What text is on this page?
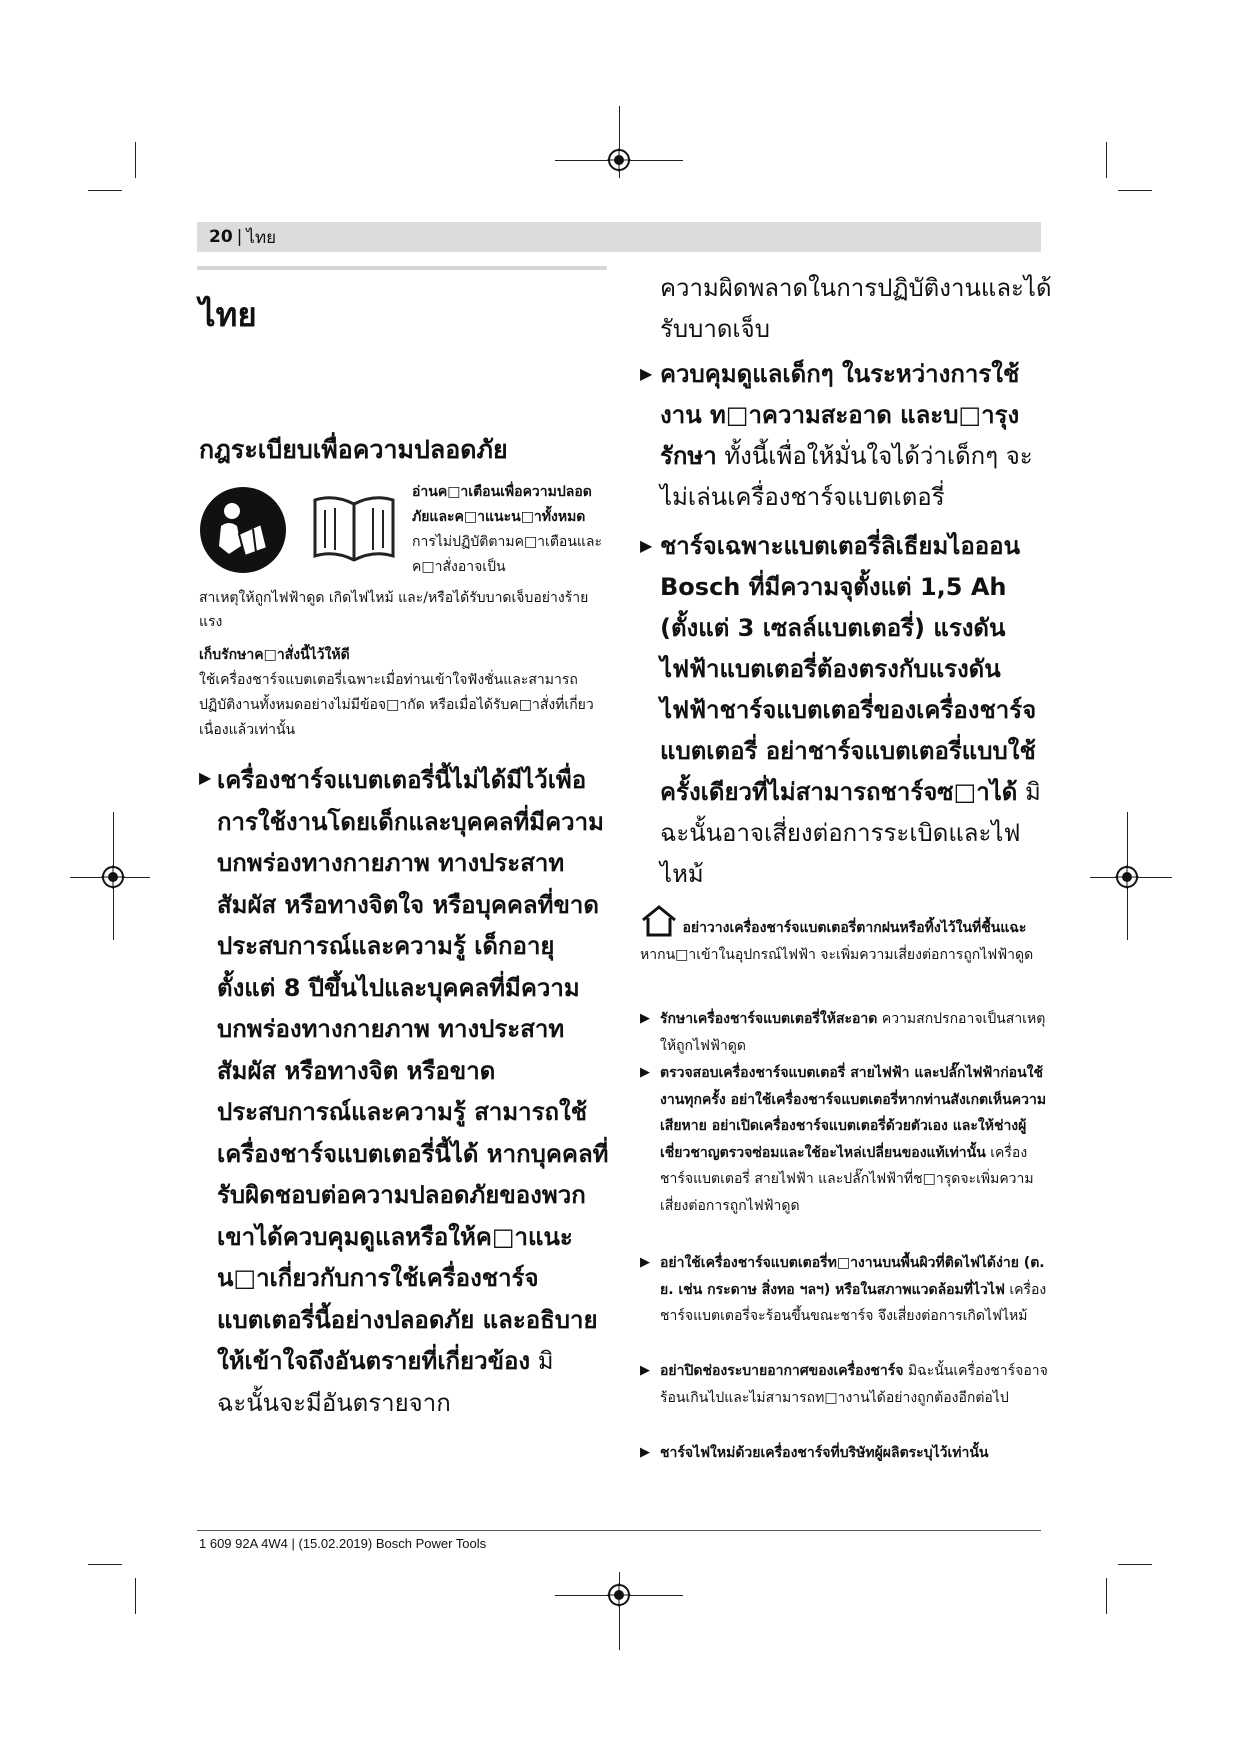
20 | ไทย
ไทย
กฎระเบียบเพื่อความปลอดภัย
อ่านค□าเตือนเพื่อความปลอดภัยและค□าแนะน□าทั้งหมด การไม่ปฏิบัติตามค□าเตือนและค□าสั่งอาจเป็น
สาเหตุให้ถูกไฟฟ้าดูด เกิดไฟไหม้ และ/หรือได้รับบาดเจ็บอย่างร้ายแรง
เก็บรักษาค□าสั่งนี้ไว้ให้ดี
ใช้เครื่องชาร์จแบตเตอรี่เฉพาะเมื่อท่านเข้าใจฟังชั่นและสามารถปฏิบัติงานทั้งหมดอย่างไม่มีข้อจ□ากัด หรือเมื่อได้รับค□าสั่งที่เกี่ยวเนื่องแล้วเท่านั้น
▶ เครื่องชาร์จแบตเตอรี่นี้ไม่ได้มีไว้เพื่อการใช้งานโดยเด็กและบุคคลที่มีความบกพร่องทางกายภาพ ทางประสาทสัมผัส หรือทางจิตใจ หรือบุคคลที่ขาดประสบการณ์และความรู้ เด็กอายุตั้งแต่ 8 ปีขึ้นไปและบุคคลที่มีความบกพร่องทางกายภาพ ทางประสาทสัมผัส หรือทางจิต หรือขาดประสบการณ์และความรู้ สามารถใช้เครื่องชาร์จแบตเตอรี่นี้ได้ หากบุคคลที่รับผิดชอบต่อความปลอดภัยของพวกเขาได้ควบคุมดูแลหรือให้ค□าแนะน□าเกี่ยวกับการใช้เครื่องชาร์จแบตเตอรี่นี้อย่างปลอดภัย และอธิบายให้เข้าใจถึงอันตรายที่เกี่ยวข้อง มิฉะนั้นจะมีอันตรายจาก
ความผิดพลาดในการปฏิบัติงานและได้รับบาดเจ็บ
▶ ควบคุมดูแลเด็กๆ ในระหว่างการใช้งาน ท□าความสะอาด และบ□ารุงรักษา ทั้งนี้เพื่อให้มั่นใจได้ว่าเด็กๆ จะไม่เล่นเครื่องชาร์จแบตเตอรี่
▶ ชาร์จเฉพาะแบตเตอรี่ลิเธียมไอออน Bosch ที่มีความจุตั้งแต่ 1,5 Ah (ตั้งแต่ 3 เซลล์แบตเตอรี่) แรงดันไฟฟ้าแบตเตอรี่ต้องตรงกับแรงดันไฟฟ้าชาร์จแบตเตอรี่ของเครื่องชาร์จแบตเตอรี่ อย่าชาร์จแบตเตอรี่แบบใช้ครั้งเดียวที่ไม่สามารถชาร์จซ□าได้ มิฉะนั้นอาจเสี่ยงต่อการระเบิดและไฟไหม้
อย่าวางเครื่องชาร์จแบตเตอรี่ตากฝนหรือทิ้งไว้ในที่ชื้นแฉะ หากน□าเข้าในอุปกรณ์ไฟฟ้า จะเพิ่มความเสี่ยงต่อการถูกไฟฟ้าดูด
▶ รักษาเครื่องชาร์จแบตเตอรี่ให้สะอาด ความสกปรกอาจเป็นสาเหตุให้ถูกไฟฟ้าดูด
▶ ตรวจสอบเครื่องชาร์จแบตเตอรี่ สายไฟฟ้า และปลั๊กไฟฟ้าก่อนใช้งานทุกครั้ง อย่าใช้เครื่องชาร์จแบตเตอรี่หากท่านสังเกตเห็นความเสียหาย อย่าเปิดเครื่องชาร์จแบตเตอรี่ด้วยตัวเอง และให้ช่างผู้เชี่ยวชาญตรวจซ่อมและใช้อะไหล่เปลี่ยนของแท้เท่านั้น เครื่องชาร์จแบตเตอรี่ สายไฟฟ้า และปลั๊กไฟฟ้าที่ช□ารุดจะเพิ่มความเสี่ยงต่อการถูกไฟฟ้าดูด
▶ อย่าใช้เครื่องชาร์จแบตเตอรี่ท□างานบนพื้นผิวที่ติดไฟได้ง่าย (ต. ย. เช่น กระดาษ สิ่งทอ ฯลฯ) หรือในสภาพแวดล้อมที่ไวไฟ เครื่องชาร์จแบตเตอรี่จะร้อนขึ้นขณะชาร์จ จึงเสี่ยงต่อการเกิดไฟไหม้
▶ อย่าปิดช่องระบายอากาศของเครื่องชาร์จ มิฉะนั้นเครื่องชาร์จอาจร้อนเกินไปและไม่สามารถท□างานได้อย่างถูกต้องอีกต่อไป
▶ ชาร์จไฟใหม่ด้วยเครื่องชาร์จที่บริษัทผู้ผลิตระบุไว้เท่านั้น
1 609 92A 4W4 | (15.02.2019) Bosch Power Tools
